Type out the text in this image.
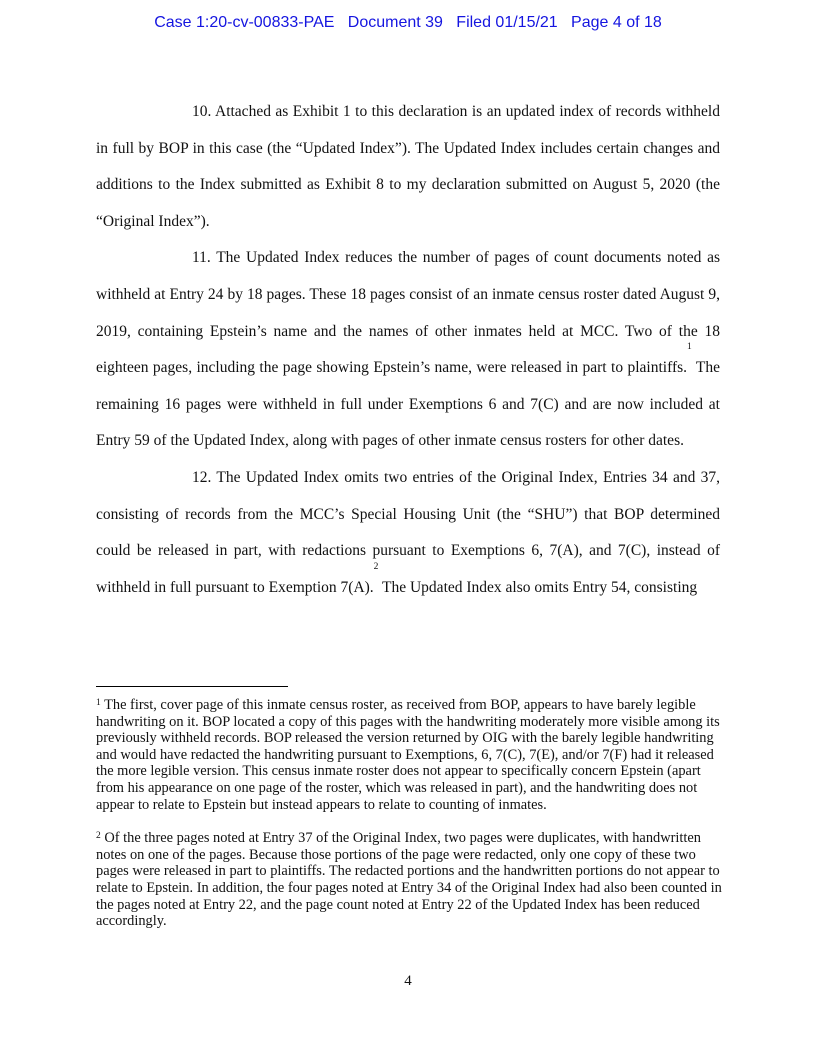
Case 1:20-cv-00833-PAE Document 39 Filed 01/15/21 Page 4 of 18

10. Attached as Exhibit 1 to this declaration is an updated index of records withheld in full by BOP in this case (the “Updated Index”). The Updated Index includes certain changes and additions to the Index submitted as Exhibit 8 to my declaration submitted on August 5, 2020 (the “Original Index”).

11. The Updated Index reduces the number of pages of count documents noted as withheld at Entry 24 by 18 pages. These 18 pages consist of an inmate census roster dated August 9, 2019, containing Epstein’s name and the names of other inmates held at MCC. Two of the 18 eighteen pages, including the page showing Epstein’s name, were released in part to plaintiffs.$^1$ The remaining 16 pages were withheld in full under Exemptions 6 and 7(C) and are now included at Entry 59 of the Updated Index, along with pages of other inmate census rosters for other dates.

12. The Updated Index omits two entries of the Original Index, Entries 34 and 37, consisting of records from the MCC’s Special Housing Unit (the “SHU”) that BOP determined could be released in part, with redactions pursuant to Exemptions 6, 7(A), and 7(C), instead of withheld in full pursuant to Exemption 7(A).$^2$ The Updated Index also omits Entry 54, consisting

$^1$ The first, cover page of this inmate census roster, as received from BOP, appears to have barely legible handwriting on it. BOP located a copy of this pages with the handwriting moderately more visible among its previously withheld records. BOP released the version returned by OIG with the barely legible handwriting and would have redacted the handwriting pursuant to Exemptions, 6, 7(C), 7(E), and/or 7(F) had it released the more legible version. This census inmate roster does not appear to specifically concern Epstein (apart from his appearance on one page of the roster, which was released in part), and the handwriting does not appear to relate to Epstein but instead appears to relate to counting of inmates.

$^2$ Of the three pages noted at Entry 37 of the Original Index, two pages were duplicates, with handwritten notes on one of the pages. Because those portions of the page were redacted, only one copy of these two pages were released in part to plaintiffs. The redacted portions and the handwritten portions do not appear to relate to Epstein. In addition, the four pages noted at Entry 34 of the Original Index had also been counted in the pages noted at Entry 22, and the page count noted at Entry 22 of the Updated Index has been reduced accordingly.

4
